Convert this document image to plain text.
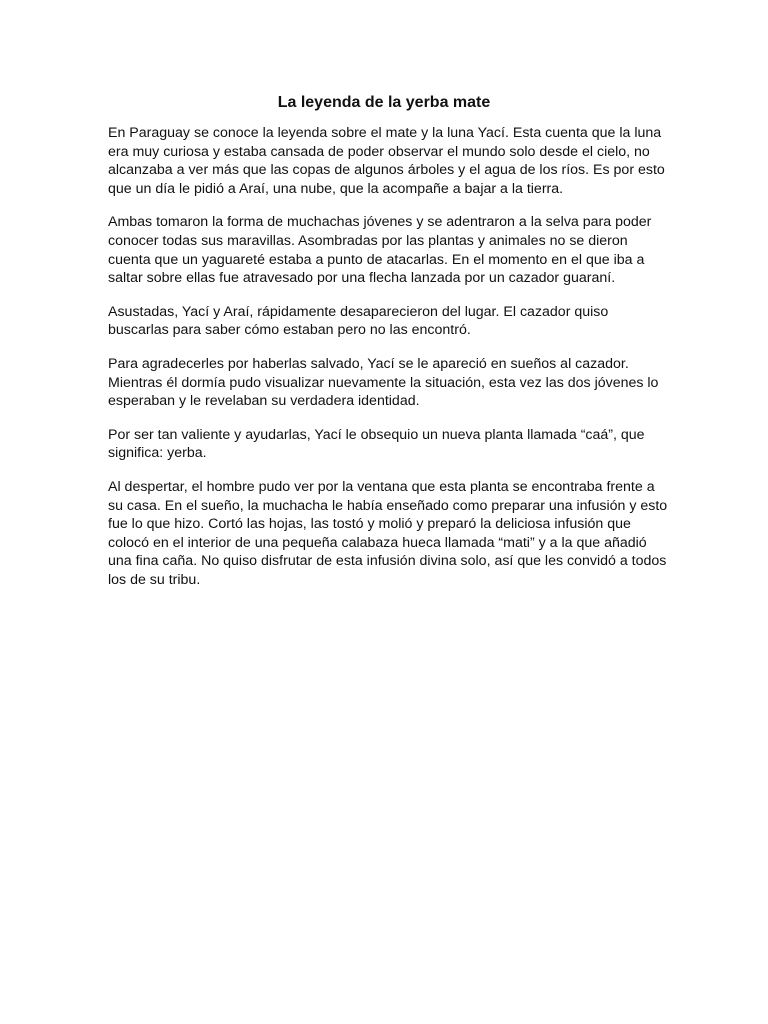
La leyenda de la yerba mate

En Paraguay se conoce la leyenda sobre el mate y la luna Yací. Esta cuenta que la luna era muy curiosa y estaba cansada de poder observar el mundo solo desde el cielo, no alcanzaba a ver más que las copas de algunos árboles y el agua de los ríos. Es por esto que un día le pidió a Araí, una nube, que la acompañe a bajar a la tierra.

Ambas tomaron la forma de muchachas jóvenes y se adentraron a la selva para poder conocer todas sus maravillas. Asombradas por las plantas y animales no se dieron cuenta que un yaguareté estaba a punto de atacarlas. En el momento en el que iba a saltar sobre ellas fue atravesado por una flecha lanzada por un cazador guaraní.

Asustadas, Yací y Araí, rápidamente desaparecieron del lugar. El cazador quiso buscarlas para saber cómo estaban pero no las encontró.

Para agradecerles por haberlas salvado, Yací se le apareció en sueños al cazador. Mientras él dormía pudo visualizar nuevamente la situación, esta vez las dos jóvenes lo esperaban y le revelaban su verdadera identidad.

Por ser tan valiente y ayudarlas, Yací le obsequio un nueva planta llamada “caá”, que significa: yerba.

Al despertar, el hombre pudo ver por la ventana que esta planta se encontraba frente a su casa. En el sueño, la muchacha le había enseñado como preparar una infusión y esto fue lo que hizo. Cortó las hojas, las tostó y molió y preparó la deliciosa infusión que colocó en el interior de una pequeña calabaza hueca llamada “mati” y a la que añadió una fina caña. No quiso disfrutar de esta infusión divina solo, así que les convidó a todos los de su tribu.
